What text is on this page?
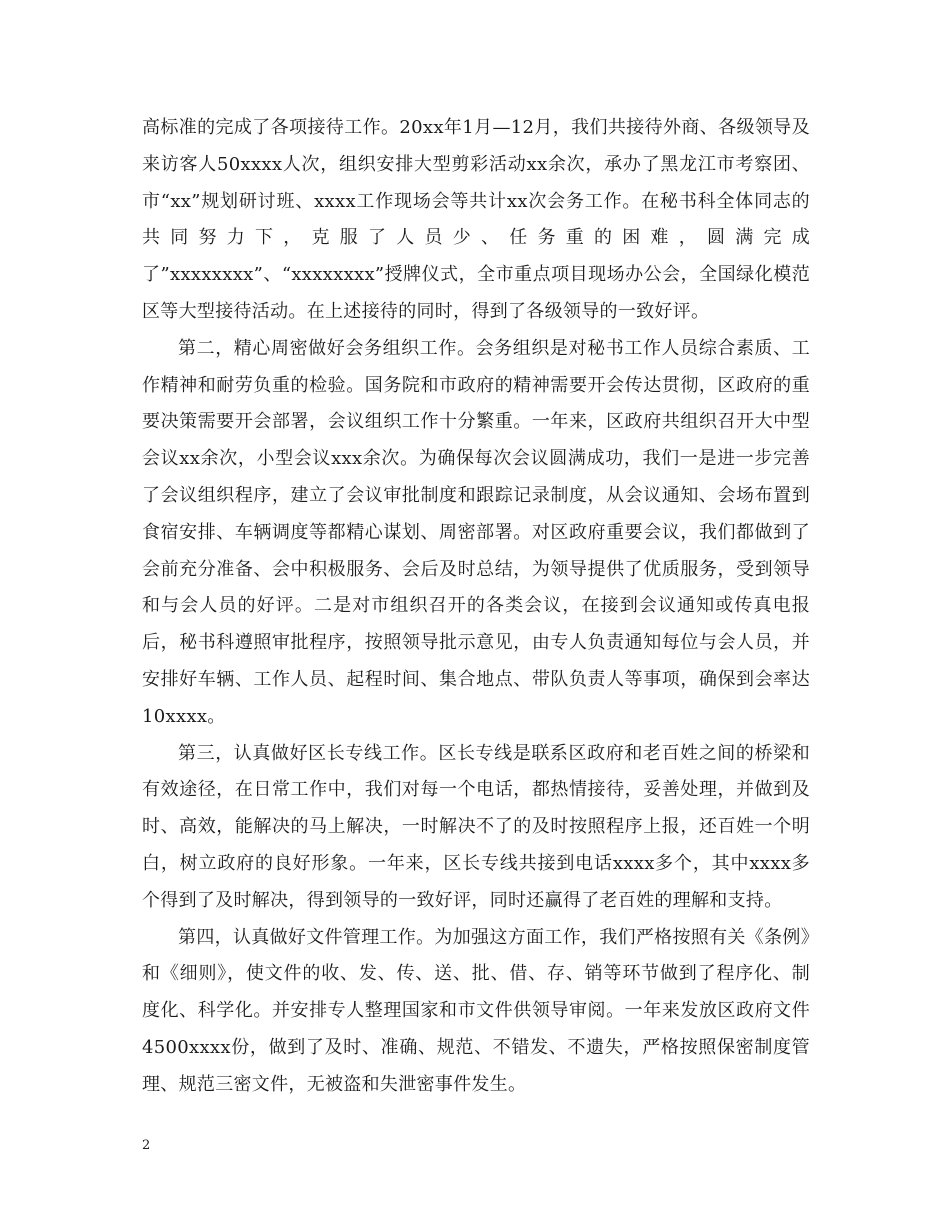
高标准的完成了各项接待工作。20xx年1月—12月，我们共接待外商、各级领导及来访客人50xxxx人次，组织安排大型剪彩活动xx余次，承办了黑龙江市考察团、市“xx”规划研讨班、xxxx工作现场会等共计xx次会务工作。在秘书科全体同志的共同努力下，克服了人员少、任务重的困难，圆满完成了”xxxxxxxx”、“xxxxxxxx”授牌仪式，全市重点项目现场办公会，全国绿化模范区等大型接待活动。在上述接待的同时，得到了各级领导的一致好评。

第二，精心周密做好会务组织工作。会务组织是对秘书工作人员综合素质、工作精神和耐劳负重的检验。国务院和市政府的精神需要开会传达贯彻，区政府的重要决策需要开会部署，会议组织工作十分繁重。一年来，区政府共组织召开大中型会议xx余次，小型会议xxx余次。为确保每次会议圆满成功，我们一是进一步完善了会议组织程序，建立了会议审批制度和跟踪记录制度，从会议通知、会场布置到食宿安排、车辆调度等都精心谋划、周密部署。对区政府重要会议，我们都做到了会前充分准备、会中积极服务、会后及时总结，为领导提供了优质服务，受到领导和与会人员的好评。二是对市组织召开的各类会议，在接到会议通知或传真电报后，秘书科遵照审批程序，按照领导批示意见，由专人负责通知每位与会人员，并安排好车辆、工作人员、起程时间、集合地点、带队负责人等事项，确保到会率达10xxxx。

第三，认真做好区长专线工作。区长专线是联系区政府和老百姓之间的桥梁和有效途径，在日常工作中，我们对每一个电话，都热情接待，妥善处理，并做到及时、高效，能解决的马上解决，一时解决不了的及时按照程序上报，还百姓一个明白，树立政府的良好形象。一年来，区长专线共接到电话xxxx多个，其中xxxx多个得到了及时解决，得到领导的一致好评，同时还赢得了老百姓的理解和支持。

第四，认真做好文件管理工作。为加强这方面工作，我们严格按照有关《条例》和《细则》，使文件的收、发、传、送、批、借、存、销等环节做到了程序化、制度化、科学化。并安排专人整理国家和市文件供领导审阅。一年来发放区政府文件4500xxxx份，做到了及时、准确、规范、不错发、不遗失，严格按照保密制度管理、规范三密文件，无被盗和失泄密事件发生。

2
